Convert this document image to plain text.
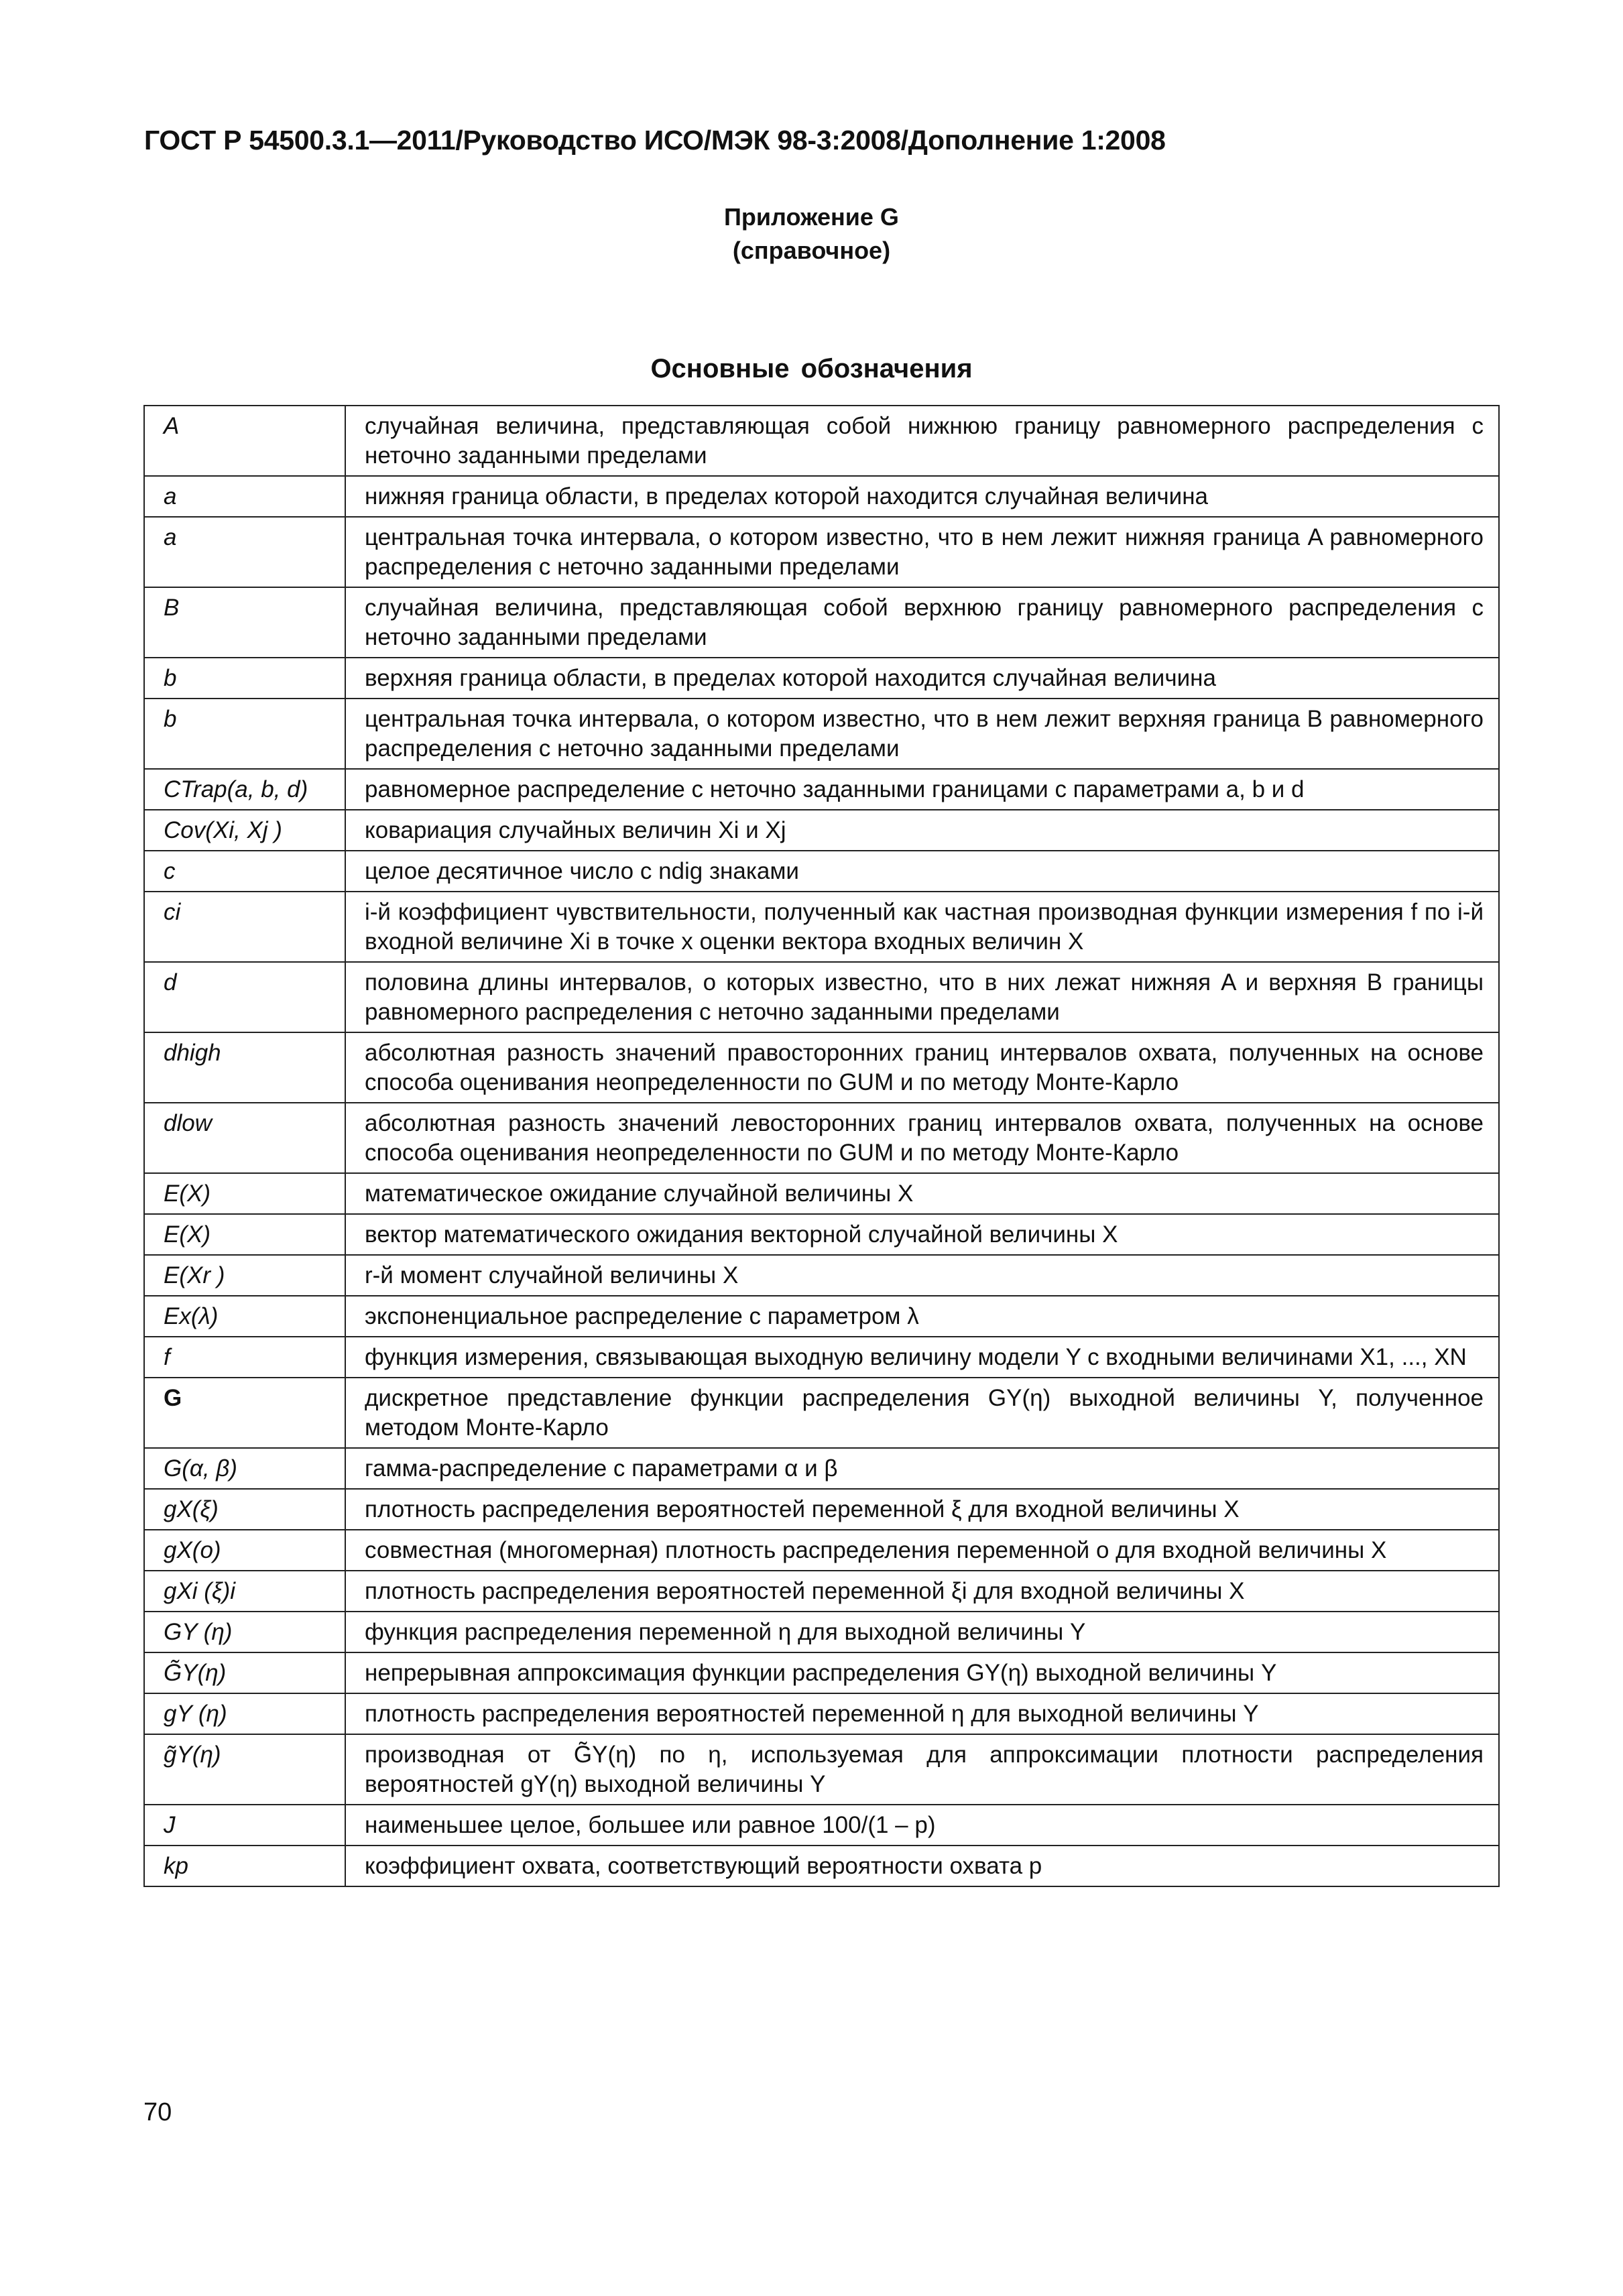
ГОСТ Р 54500.3.1—2011/Руководство ИСО/МЭК 98-3:2008/Дополнение 1:2008
Приложение G
(справочное)
Основные обозначения
A	случайная величина, представляющая собой нижнюю границу равномерного распределения с неточно заданными пределами
a	нижняя граница области, в пределах которой находится случайная величина
a	центральная точка интервала, о котором известно, что в нем лежит нижняя граница A равномерного распределения с неточно заданными пределами
B	случайная величина, представляющая собой верхнюю границу равномерного распределения с неточно заданными пределами
b	верхняя граница области, в пределах которой находится случайная величина
b	центральная точка интервала, о котором известно, что в нем лежит верхняя граница B равномерного распределения с неточно заданными пределами
CTrap(a, b, d)	равномерное распределение с неточно заданными границами с параметрами a, b и d
Cov(Xi, Xj )	ковариация случайных величин Xi и Xj
c	целое десятичное число с ndig знаками
ci	i-й коэффициент чувствительности, полученный как частная производная функции измерения f по i-й входной величине Xi в точке x оценки вектора входных величин X
d	половина длины интервалов, о которых известно, что в них лежат нижняя A и верхняя B границы равномерного распределения с неточно заданными пределами
dhigh	абсолютная разность значений правосторонних границ интервалов охвата, полученных на основе способа оценивания неопределенности по GUM и по методу Монте-Карло
dlow	абсолютная разность значений левосторонних границ интервалов охвата, полученных на основе способа оценивания неопределенности по GUM и по методу Монте-Карло
E(X)	математическое ожидание случайной величины X
E(X)	вектор математического ожидания векторной случайной величины X
E(Xr )	r-й момент случайной величины X
Ex(λ)	экспоненциальное распределение с параметром λ
f	функция измерения, связывающая выходную величину модели Y с входными величинами X1, ..., XN
G	дискретное представление функции распределения GY(η) выходной величины Y, полученное методом Монте-Карло
G(α, β)	гамма-распределение с параметрами α и β
gX(ξ)	плотность распределения вероятностей переменной ξ для входной величины X
gX(o)	совместная (многомерная) плотность распределения переменной o для входной величины X
gXi (ξ)i	плотность распределения вероятностей переменной ξi для входной величины X
GY (η)	функция распределения переменной η для выходной величины Y
G̃Y(η)	непрерывная аппроксимация функции распределения GY(η) выходной величины Y
gY (η)	плотность распределения вероятностей переменной η для выходной величины Y
g̃Y(η)	производная от G̃Y(η) по η, используемая для аппроксимации плотности распределения вероятностей gY(η) выходной величины Y
J	наименьшее целое, большее или равное 100/(1 – p)
kp	коэффициент охвата, соответствующий вероятности охвата p
70
